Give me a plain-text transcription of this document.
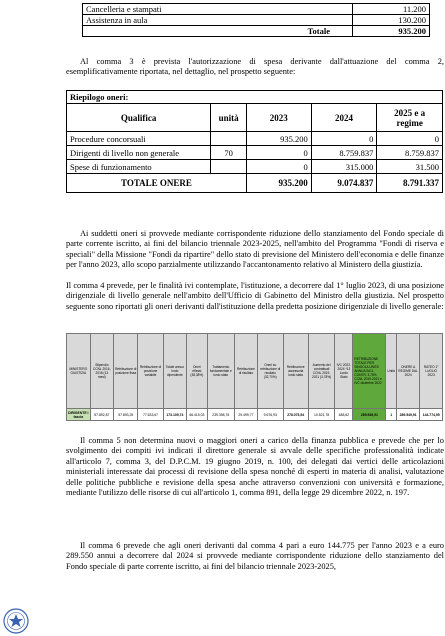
Cancelleria e stampati	11.200
Assistenza in aula	130.200
Totale	935.200

Al comma 3 è prevista l'autorizzazione di spesa derivante dall'attuazione del comma 2, esemplificativamente riportata, nel dettaglio, nel prospetto seguente:

Riepilogo oneri:				
Qualifica	unità	2023	2024	2025 e a regime
Procedure concorsuali		935.200	0	0
Dirigenti di livello non generale	70	0	8.759.837	8.759.837
Spese di funzionamento		0	315.000	31.500
TOTALE ONERE		935.200	9.074.837	8.791.337

Ai suddetti oneri si provvede mediante corrispondente riduzione dello stanziamento del Fondo speciale di parte corrente iscritto, ai fini del bilancio triennale 2023-2025, nell'ambito del Programma "Fondi di riserva e speciali" della Missione "Fondi da ripartire" dello stato di previsione del Ministero dell'economia e delle finanze per l'anno 2023, allo scopo parzialmente utilizzando l'accantonamento relativo al Ministero della giustizia.

Il comma 4 prevede, per le finalità ivi contemplate, l'istituzione, a decorrere dal 1° luglio 2023, di una posizione dirigenziale di livello generale nell'ambito dell'Ufficio di Gabinetto del Ministro della giustizia. Nel prospetto seguente sono riportati gli oneri derivanti dall'istituzione della predetta posizione dirigenziale di livello generale:

MINISTERO GIUSTIZIA	Stipendio CCNL 2016-2018 (13 mesi)	Retribuzione di posizione fissa	Retribuzione di posizione variabile	Totale annuo lordo dipendente	Oneri riflessi (38,38%)	Trattamento fondamentale e lordo stato	Retribuzione di risultato	Oneri su retribuzione di risultato (32,70%)	Retribuzione accessoria lordo stato	Aumento dei contrattuali CCNL 2019-2021 (3,78%)	IVC 2022-2024 *13 Lordo Stato	RETRIBUZIONE TOTALE PER SINGOLA UNITA' ANNUA INCL. CONTR. 3,78% CCNL 2019-2021 e IVC dicembre 2022	Unità	ONERE A REGIME DAL 2024	RATEO 1° LUGLIO 2023
DIRIGENTE I fascia	57.892,87	57.893,25	77.633,67	173.109,74	66.415,03	239.398,78	29.499,77	9.676,93	278.075,54	10.521,78	488,62	289.549,91	1	289.549,91	144.774,95

Il comma 5 non determina nuovi o maggiori oneri a carico della finanza pubblica e prevede che per lo svolgimento dei compiti ivi indicati il direttore generale si avvale delle specifiche professionalità indicate all'articolo 7, comma 3, del D.P.C.M. 19 giugno 2019, n. 100, dei delegati dai vertici delle articolazioni ministeriali interessate dai processi di revisione della spesa nonché di esperti in materia di analisi, valutazione delle politiche pubbliche e revisione della spesa anche attraverso convenzioni con università e formazione, mediante l'utilizzo delle risorse di cui all'articolo 1, comma 891, della legge 29 dicembre 2022, n. 197.

Il comma 6 prevede che agli oneri derivanti dal comma 4 pari a euro 144.775 per l'anno 2023 e a euro 289.550 annui a decorrere dal 2024 si provvede mediante corrispondente riduzione dello stanziamento del Fondo speciale di parte corrente iscritto, ai fini del bilancio triennale 2023-2025,
